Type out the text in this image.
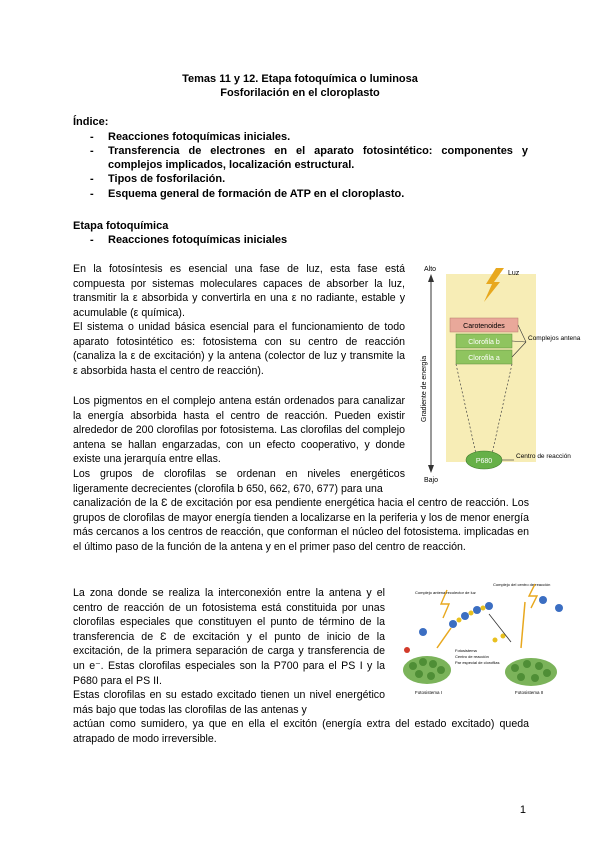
Temas 11 y 12. Etapa fotoquímica o luminosa
Fosforilación en el cloroplasto
Índice:
- Reacciones fotoquímicas iniciales.
- Transferencia de electrones en el aparato fotosintético: componentes y complejos implicados, localización estructural.
- Tipos de fosforilación.
- Esquema general de formación de ATP en el cloroplasto.
Etapa fotoquímica
- Reacciones fotoquímicas iniciales
En la fotosíntesis es esencial una fase de luz, esta fase está compuesta por sistemas moleculares capaces de absorber la luz, transmitir la ε absorbida y convertirla en una ε no radiante, estable y acumulable (ε química).
El sistema o unidad básica esencial para el funcionamiento de todo aparato fotosintético es: fotosistema con su centro de reacción (canaliza la ε de excitación) y la antena (colector de luz y transmite la ε absorbida hasta el centro de reacción).
Los pigmentos en el complejo antena están ordenados para canalizar la energía absorbida hasta el centro de reacción. Pueden existir alrededor de 200 clorofilas por fotosistema. Las clorofilas del complejo antena se hallan engarzadas, con un efecto cooperativo, y donde existe una jerarquía entre ellas.
Los grupos de clorofilas se ordenan en niveles energéticos ligeramente decrecientes (clorofila b 650, 662, 670, 677) para una
canalización de la Ɛ de excitación por esa pendiente energética hacia el centro de reacción. Los grupos de clorofilas de mayor energía tienden a localizarse en la periferia y los de menor energía más cercanos a los centros de reacción, que conforman el núcleo del fotosistema. implicadas en el último paso de la función de la antena y en el primer paso del centro de reacción.
La zona donde se realiza la interconexión entre la antena y el centro de reacción de un fotosistema está constituida por unas clorofilas especiales que constituyen el punto de término de la transferencia de Ɛ de excitación y el punto de inicio de la excitación, de la primera separación de carga y transferencia de un e⁻. Estas clorofilas especiales son la P700 para el PS I y la P680 para el PS II.
Estas clorofilas en su estado excitado tienen un nivel energético más bajo que todas las clorofilas de las antenas y
actúan como sumidero, ya que en ella el excitón (energía extra del estado excitado) queda atrapado de modo irreversible.
Alto
Bajo
Gradiente de energía
Luz
Carotenoides
Clorofila b
Clorofila a
Complejos antena
P680
Centro de reacción
Complejo antena recolector de luz
Complejo del centro de reacción
Fotosistema
Centro de reacción
Par especial de clorofilas
Fotosistema I	Fotosistema II
1
